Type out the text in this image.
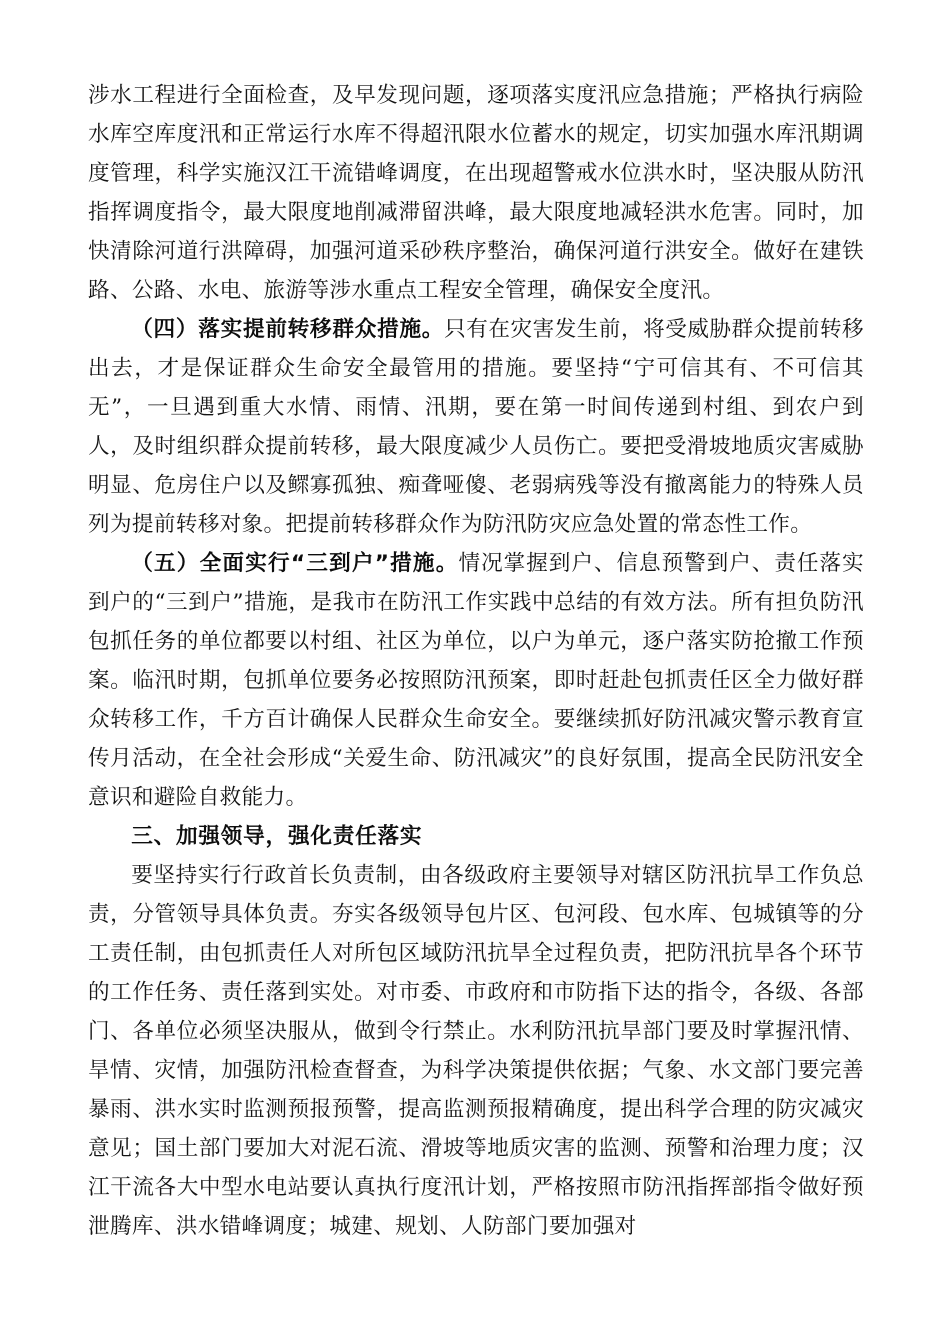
涉水工程进行全面检查，及早发现问题，逐项落实度汛应急措施；严格执行病险水库空库度汛和正常运行水库不得超汛限水位蓄水的规定，切实加强水库汛期调度管理，科学实施汉江干流错峰调度，在出现超警戒水位洪水时，坚决服从防汛指挥调度指令，最大限度地削减滞留洪峰，最大限度地减轻洪水危害。同时，加快清除河道行洪障碍，加强河道采砂秩序整治，确保河道行洪安全。做好在建铁路、公路、水电、旅游等涉水重点工程安全管理，确保安全度汛。

（四）落实提前转移群众措施。只有在灾害发生前，将受威胁群众提前转移出去，才是保证群众生命安全最管用的措施。要坚持“宁可信其有、不可信其无”，一旦遇到重大水情、雨情、汛期，要在第一时间传递到村组、到农户到人，及时组织群众提前转移，最大限度减少人员伤亡。要把受滑坡地质灾害威胁明显、危房住户以及鳏寡孤独、痴聋哑傻、老弱病残等没有撤离能力的特殊人员列为提前转移对象。把提前转移群众作为防汛防灾应急处置的常态性工作。

（五）全面实行“三到户”措施。情况掌握到户、信息预警到户、责任落实到户的“三到户”措施，是我市在防汛工作实践中总结的有效方法。所有担负防汛包抓任务的单位都要以村组、社区为单位，以户为单元，逐户落实防抢撤工作预案。临汛时期，包抓单位要务必按照防汛预案，即时赶赴包抓责任区全力做好群众转移工作，千方百计确保人民群众生命安全。要继续抓好防汛减灾警示教育宣传月活动，在全社会形成“关爱生命、防汛减灾”的良好氛围，提高全民防汛安全意识和避险自救能力。

三、加强领导，强化责任落实

要坚持实行行政首长负责制，由各级政府主要领导对辖区防汛抗旱工作负总责，分管领导具体负责。夯实各级领导包片区、包河段、包水库、包城镇等的分工责任制，由包抓责任人对所包区域防汛抗旱全过程负责，把防汛抗旱各个环节的工作任务、责任落到实处。对市委、市政府和市防指下达的指令，各级、各部门、各单位必须坚决服从，做到令行禁止。水利防汛抗旱部门要及时掌握汛情、旱情、灾情，加强防汛检查督查，为科学决策提供依据；气象、水文部门要完善暴雨、洪水实时监测预报预警，提高监测预报精确度，提出科学合理的防灾减灾意见；国土部门要加大对泥石流、滑坡等地质灾害的监测、预警和治理力度；汉江干流各大中型水电站要认真执行度汛计划，严格按照市防汛指挥部指令做好预泄腾库、洪水错峰调度；城建、规划、人防部门要加强对
